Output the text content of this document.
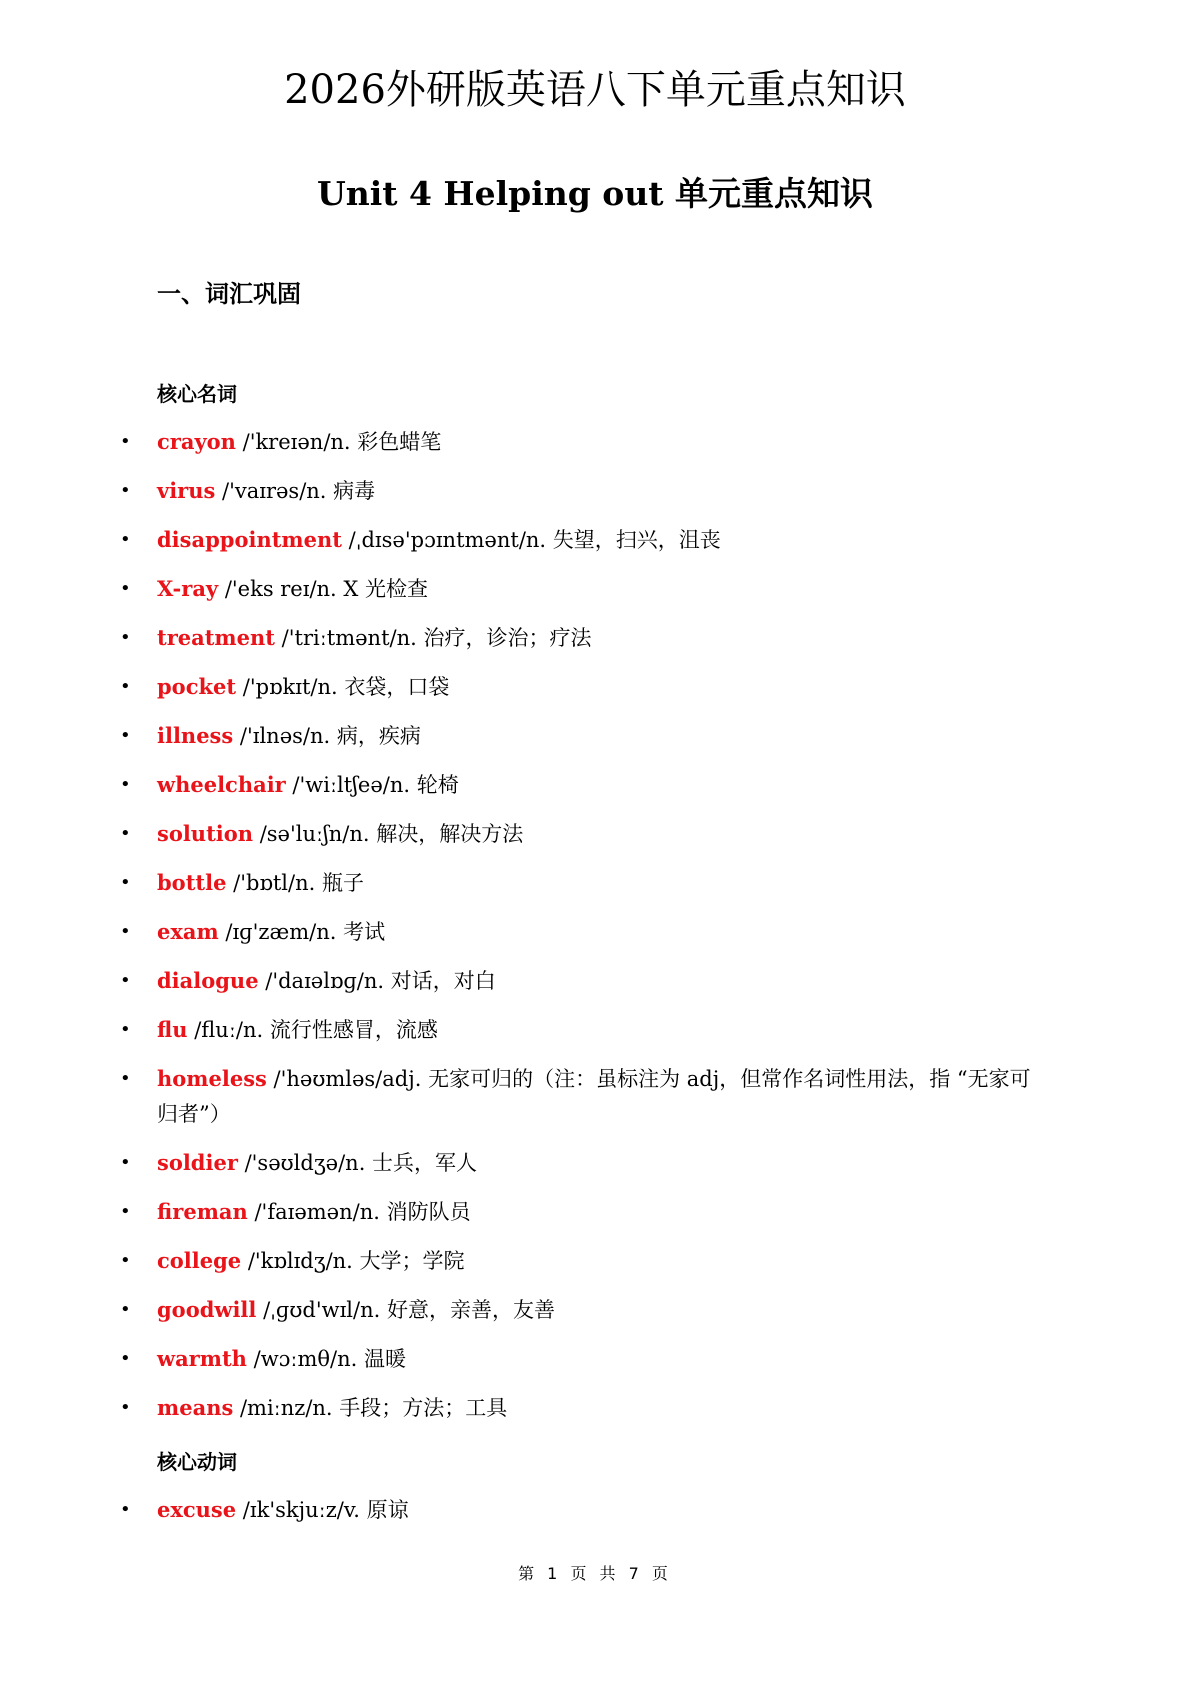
2026外研版英语八下单元重点知识
Unit 4 Helping out 单元重点知识
一、词汇巩固
核心名词
• crayon /'kreɪən/n. 彩色蜡笔
• virus /'vaɪrəs/n. 病毒
• disappointment /ˌdɪsə'pɔɪntmənt/n. 失望，扫兴，沮丧
• X-ray /'eks reɪ/n. X 光检查
• treatment /'triːtmənt/n. 治疗，诊治；疗法
• pocket /'pɒkɪt/n. 衣袋，口袋
• illness /'ɪlnəs/n. 病，疾病
• wheelchair /'wiːltʃeə/n. 轮椅
• solution /sə'luːʃn/n. 解决，解决方法
• bottle /'bɒtl/n. 瓶子
• exam /ɪɡ'zæm/n. 考试
• dialogue /'daɪəlɒɡ/n. 对话，对白
• flu /fluː/n. 流行性感冒，流感
• homeless /'həʊmləs/adj. 无家可归的（注：虽标注为 adj，但常作名词性用法，指 “无家可归者”）
• soldier /'səʊldʒə/n. 士兵，军人
• fireman /'faɪəmən/n. 消防队员
• college /'kɒlɪdʒ/n. 大学；学院
• goodwill /ˌɡʊd'wɪl/n. 好意，亲善，友善
• warmth /wɔːmθ/n. 温暖
• means /miːnz/n. 手段；方法；工具
核心动词
• excuse /ɪk'skjuːz/v. 原谅
第 1 页 共 7 页
